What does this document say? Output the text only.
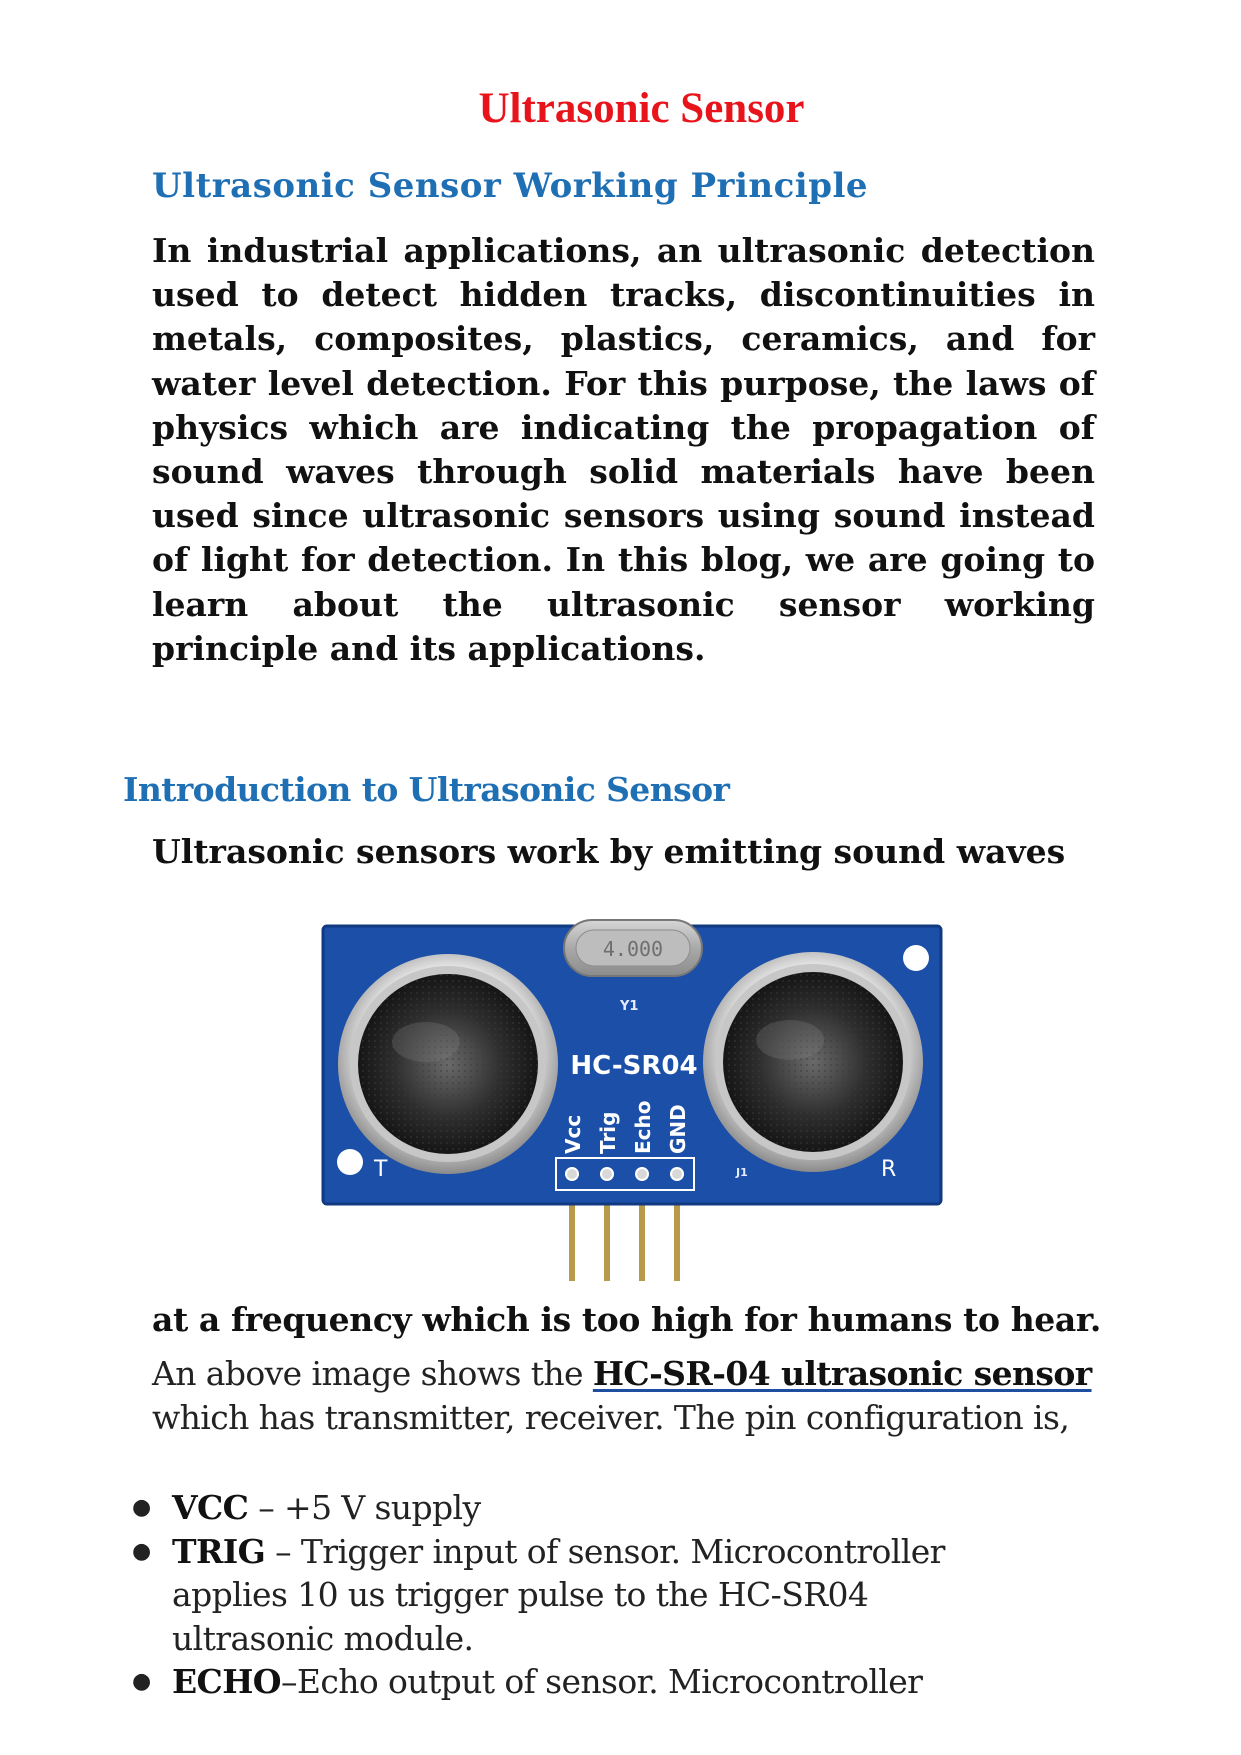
Ultrasonic Sensor
Ultrasonic Sensor Working Principle
In industrial applications, an ultrasonic detection used to detect hidden tracks, discontinuities in metals, composites, plastics, ceramics, and for water level detection. For this purpose, the laws of physics which are indicating the propagation of sound waves through solid materials have been used since ultrasonic sensors using sound instead of light for detection. In this blog, we are going to learn about the ultrasonic sensor working principle and its applications.
Introduction to Ultrasonic Sensor
Ultrasonic sensors work by emitting sound waves
4.000
Y1
HC-SR04
Vcc Trig Echo GND
T	R
J1
at a frequency which is too high for humans to hear.
An above image shows the HC-SR-04 ultrasonic sensor
which has transmitter, receiver. The pin configuration is,
● VCC – +5 V supply
● TRIG – Trigger input of sensor. Microcontroller
applies 10 us trigger pulse to the HC-SR04
ultrasonic module.
● ECHO–Echo output of sensor. Microcontroller
